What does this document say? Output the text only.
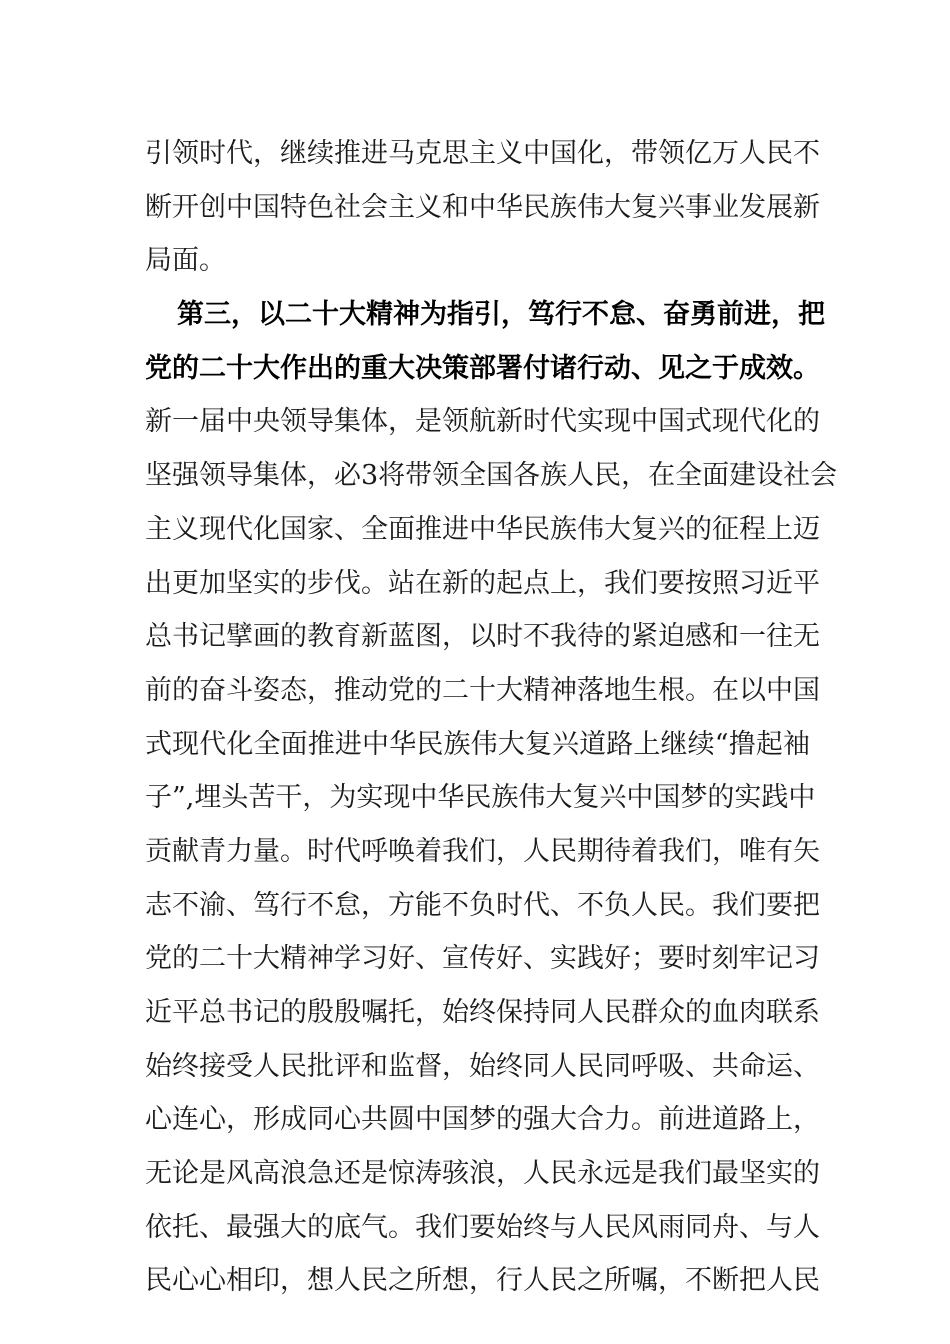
引领时代，继续推进马克思主义中国化，带领亿万人民不
断开创中国特色社会主义和中华民族伟大复兴事业发展新
局面。
第三，以二十大精神为指引，笃行不怠、奋勇前进，把
党的二十大作出的重大决策部署付诸行动、见之于成效。
新一届中央领导集体，是领航新时代实现中国式现代化的
坚强领导集体，必3将带领全国各族人民，在全面建设社会
主义现代化国家、全面推进中华民族伟大复兴的征程上迈
出更加坚实的步伐。站在新的起点上，我们要按照习近平
总书记擘画的教育新蓝图，以时不我待的紧迫感和一往无
前的奋斗姿态，推动党的二十大精神落地生根。在以中国
式现代化全面推进中华民族伟大复兴道路上继续“撸起袖
子”,埋头苦干，为实现中华民族伟大复兴中国梦的实践中
贡献青力量。时代呼唤着我们，人民期待着我们，唯有矢
志不渝、笃行不怠，方能不负时代、不负人民。我们要把
党的二十大精神学习好、宣传好、实践好；要时刻牢记习
近平总书记的殷殷嘱托，始终保持同人民群众的血肉联系
始终接受人民批评和监督，始终同人民同呼吸、共命运、
心连心，形成同心共圆中国梦的强大合力。前进道路上，
无论是风高浪急还是惊涛骇浪，人民永远是我们最坚实的
依托、最强大的底气。我们要始终与人民风雨同舟、与人
民心心相印，想人民之所想，行人民之所嘱，不断把人民
